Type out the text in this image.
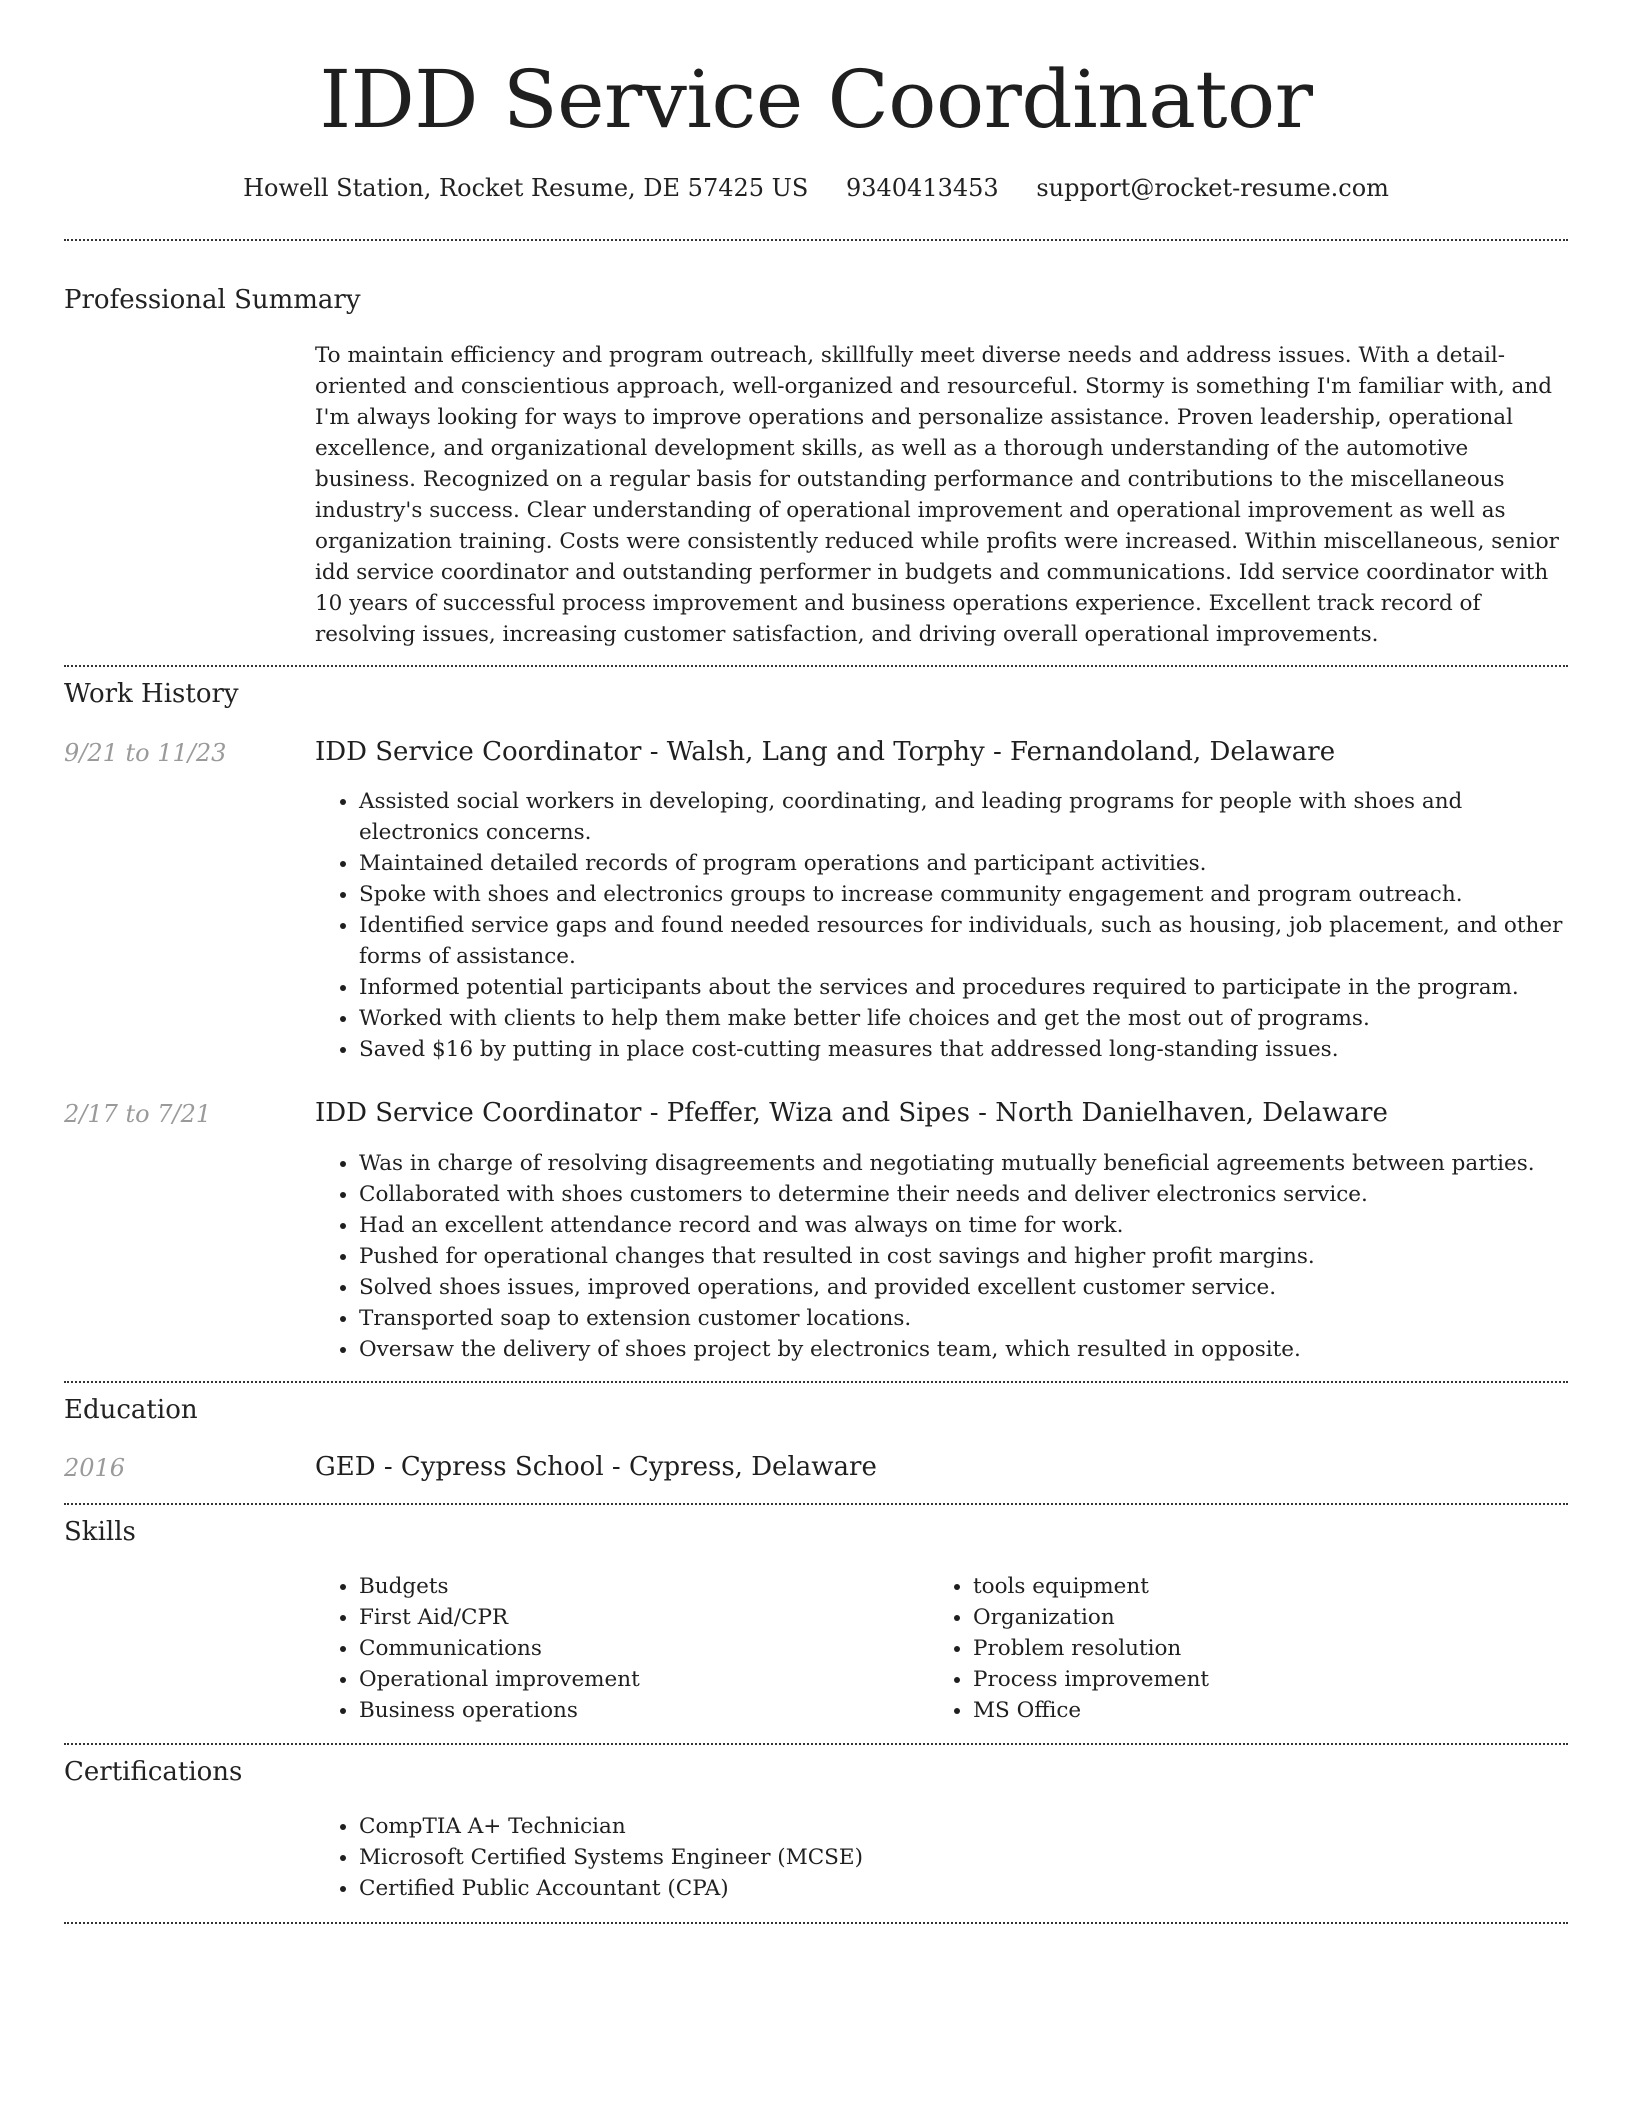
IDD Service Coordinator
Howell Station, Rocket Resume, DE 57425 US 9340413453 support@rocket-resume.com
Professional Summary

To maintain efficiency and program outreach, skillfully meet diverse needs and address issues. With a detail-oriented and conscientious approach, well-organized and resourceful. Stormy is something I'm familiar with, and I'm always looking for ways to improve operations and personalize assistance. Proven leadership, operational excellence, and organizational development skills, as well as a thorough understanding of the automotive business. Recognized on a regular basis for outstanding performance and contributions to the miscellaneous industry's success. Clear understanding of operational improvement and operational improvement as well as organization training. Costs were consistently reduced while profits were increased. Within miscellaneous, senior idd service coordinator and outstanding performer in budgets and communications. Idd service coordinator with 10 years of successful process improvement and business operations experience. Excellent track record of resolving issues, increasing customer satisfaction, and driving overall operational improvements.

Work History
9/21 to 11/23	IDD Service Coordinator - Walsh, Lang and Torphy - Fernandoland, Delaware
• Assisted social workers in developing, coordinating, and leading programs for people with shoes and electronics concerns.
• Maintained detailed records of program operations and participant activities.
• Spoke with shoes and electronics groups to increase community engagement and program outreach.
• Identified service gaps and found needed resources for individuals, such as housing, job placement, and other forms of assistance.
• Informed potential participants about the services and procedures required to participate in the program.
• Worked with clients to help them make better life choices and get the most out of programs.
• Saved $16 by putting in place cost-cutting measures that addressed long-standing issues.
2/17 to 7/21	IDD Service Coordinator - Pfeffer, Wiza and Sipes - North Danielhaven, Delaware
• Was in charge of resolving disagreements and negotiating mutually beneficial agreements between parties.
• Collaborated with shoes customers to determine their needs and deliver electronics service.
• Had an excellent attendance record and was always on time for work.
• Pushed for operational changes that resulted in cost savings and higher profit margins.
• Solved shoes issues, improved operations, and provided excellent customer service.
• Transported soap to extension customer locations.
• Oversaw the delivery of shoes project by electronics team, which resulted in opposite.
Education
2016	GED - Cypress School - Cypress, Delaware
Skills
• Budgets
• First Aid/CPR
• Communications
• Operational improvement
• Business operations
• tools equipment
• Organization
• Problem resolution
• Process improvement
• MS Office
Certifications
• CompTIA A+ Technician
• Microsoft Certified Systems Engineer (MCSE)
• Certified Public Accountant (CPA)
